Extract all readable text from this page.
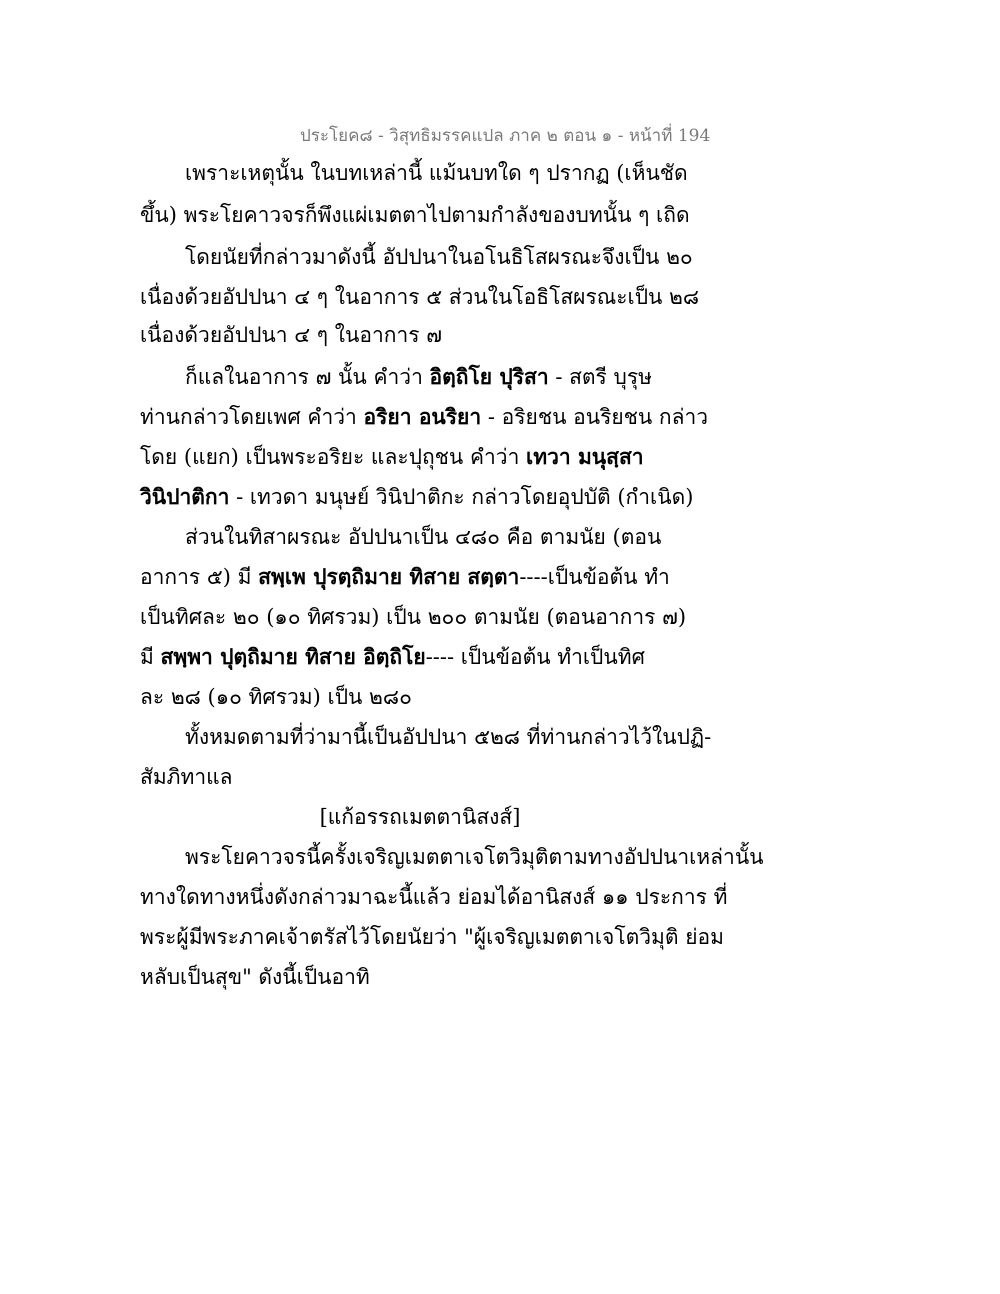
ประโยค๘ - วิสุทธิมรรคแปล ภาค ๒ ตอน ๑ - หน้าที่ 194
เพราะเหตุนั้น ในบทเหล่านี้ แม้นบทใด ๆ ปรากฏ (เห็นชัด
ขึ้น) พระโยคาวจรก็พึงแผ่เมตตาไปตามกำลังของบทนั้น ๆ เถิด
โดยนัยที่กล่าวมาดังนี้ อัปปนาในอโนธิโสผรณะจึงเป็น ๒๐
เนื่องด้วยอัปปนา ๔ ๆ ในอาการ ๕ ส่วนในโอธิโสผรณะเป็น ๒๘
เนื่องด้วยอัปปนา ๔ ๆ ในอาการ ๗
ก็แลในอาการ ๗ นั้น คำว่า อิตฺถิโย ปุริสา - สตรี บุรุษ
ท่านกล่าวโดยเพศ คำว่า อริยา อนริยา - อริยชน อนริยชน กล่าว
โดย (แยก) เป็นพระอริยะ และปุถุชน คำว่า เทวา มนุสฺสา
วินิปาติกา - เทวดา มนุษย์ วินิปาติกะ กล่าวโดยอุปบัติ (กำเนิด)
ส่วนในทิสาผรณะ อัปปนาเป็น ๔๘๐ คือ ตามนัย (ตอน
อาการ ๕) มี สพฺเพ ปุรตฺถิมาย ทิสาย สตฺตา----เป็นข้อต้น ทำ
เป็นทิศละ ๒๐ (๑๐ ทิศรวม) เป็น ๒๐๐ ตามนัย (ตอนอาการ ๗)
มี สพฺพา ปุตฺถิมาย ทิสาย อิตฺถิโย---- เป็นข้อต้น ทำเป็นทิศ
ละ ๒๘ (๑๐ ทิศรวม) เป็น ๒๘๐
ทั้งหมดตามที่ว่ามานี้เป็นอัปปนา ๕๒๘ ที่ท่านกล่าวไว้ในปฏิ-
สัมภิทาแล
[แก้อรรถเมตตานิสงส์]
พระโยคาวจรนี้ครั้งเจริญเมตตาเจโตวิมุติตามทางอัปปนาเหล่านั้น
ทางใดทางหนึ่งดังกล่าวมาฉะนี้แล้ว ย่อมได้อานิสงส์ ๑๑ ประการ ที่
พระผู้มีพระภาคเจ้าตรัสไว้โดยนัยว่า "ผู้เจริญเมตตาเจโตวิมุติ ย่อม
หลับเป็นสุข" ดังนี้เป็นอาทิ
